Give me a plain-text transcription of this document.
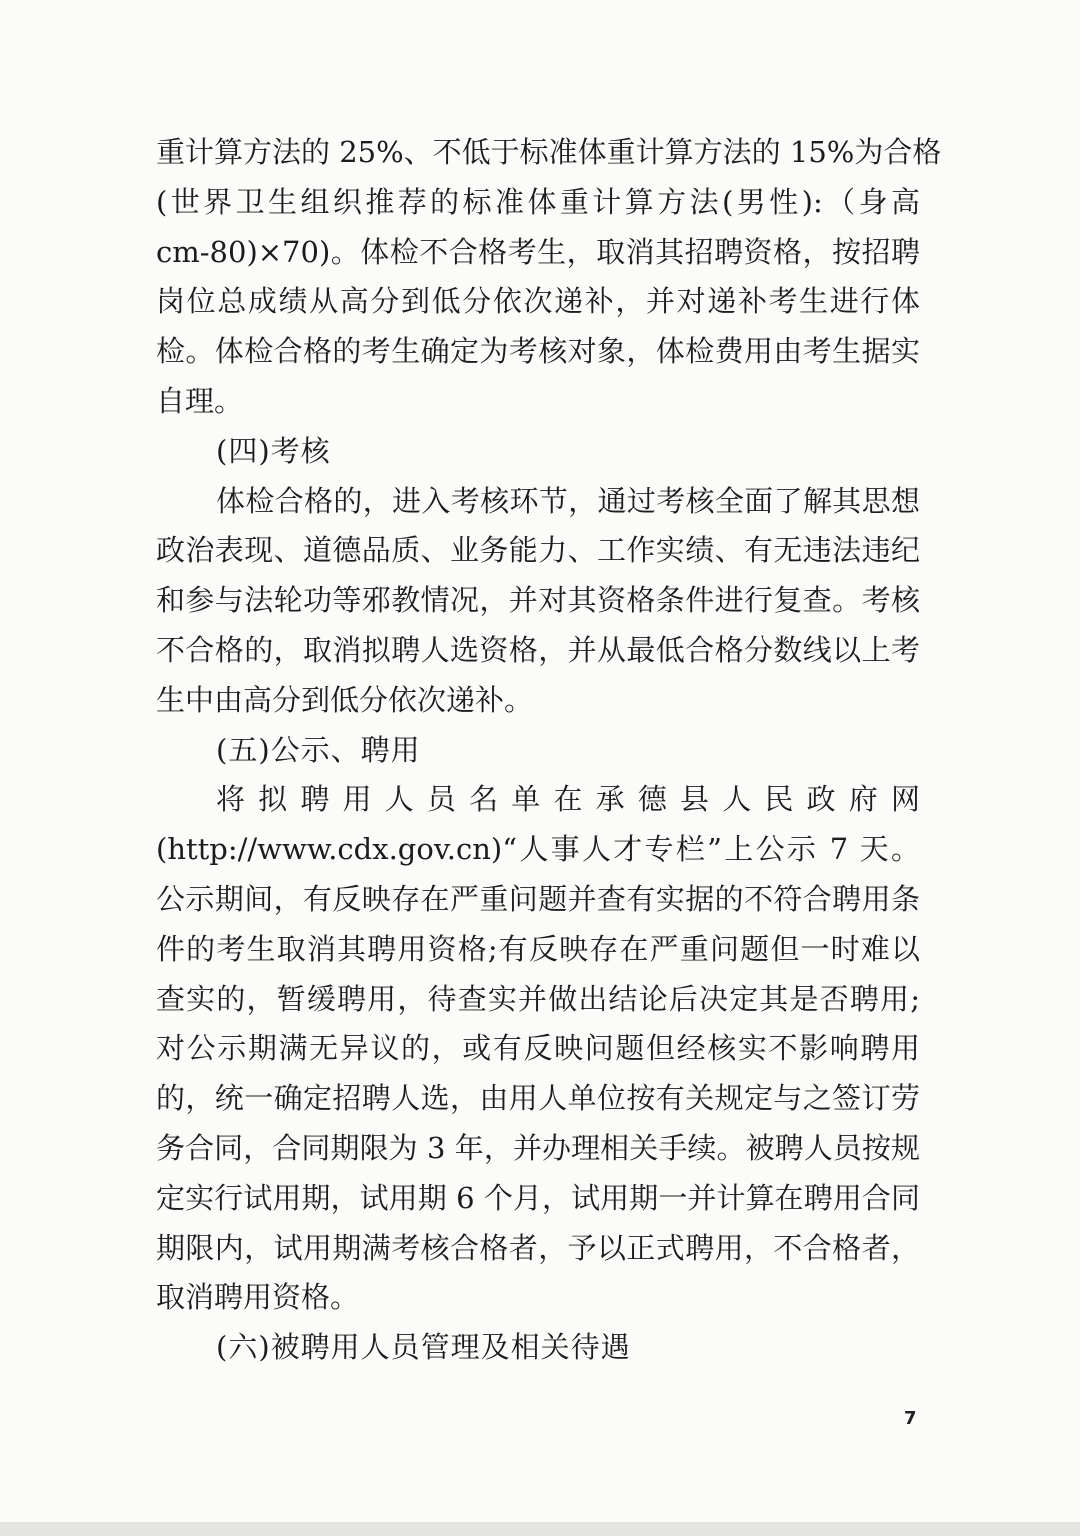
重计算方法的 25%、不低于标准体重计算方法的 15%为合格
(世界卫生组织推荐的标准体重计算方法(男性):（身高
cm-80)×70)。体检不合格考生，取消其招聘资格，按招聘
岗位总成绩从高分到低分依次递补，并对递补考生进行体
检。体检合格的考生确定为考核对象，体检费用由考生据实
自理。
(四)考核
体检合格的，进入考核环节，通过考核全面了解其思想
政治表现、道德品质、业务能力、工作实绩、有无违法违纪
和参与法轮功等邪教情况，并对其资格条件进行复查。考核
不合格的，取消拟聘人选资格，并从最低合格分数线以上考
生中由高分到低分依次递补。
(五)公示、聘用
将拟聘用人员名单在承德县人民政府网
(http://www.cdx.gov.cn)“人事人才专栏”上公示 7 天。
公示期间，有反映存在严重问题并查有实据的不符合聘用条
件的考生取消其聘用资格;有反映存在严重问题但一时难以
查实的，暂缓聘用，待查实并做出结论后决定其是否聘用;
对公示期满无异议的，或有反映问题但经核实不影响聘用
的，统一确定招聘人选，由用人单位按有关规定与之签订劳
务合同，合同期限为 3 年，并办理相关手续。被聘人员按规
定实行试用期，试用期 6 个月，试用期一并计算在聘用合同
期限内，试用期满考核合格者，予以正式聘用，不合格者，
取消聘用资格。
(六)被聘用人员管理及相关待遇
7
